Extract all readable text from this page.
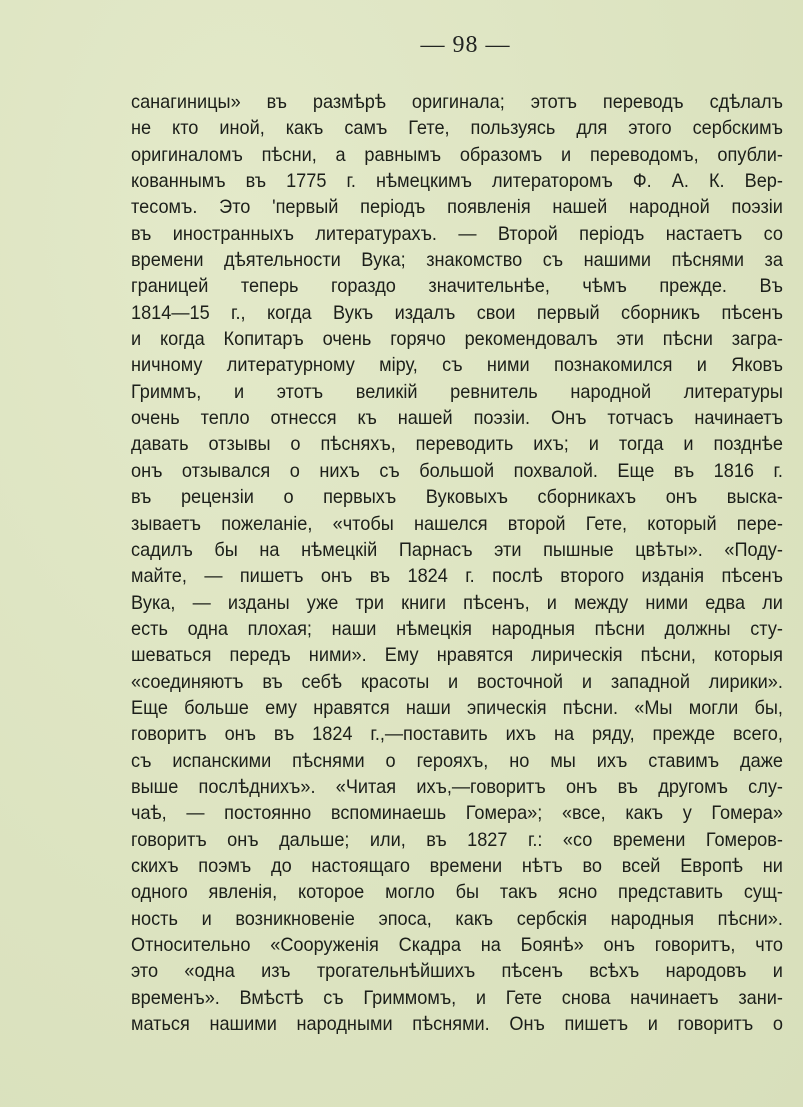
— 98 —
санагиницы» въ размѣрѣ оригинала; этотъ переводъ сдѣлалъ
не кто иной, какъ самъ Гете, пользуясь для этого сербскимъ
оригиналомъ пѣсни, а равнымъ образомъ и переводомъ, опубли-
кованнымъ въ 1775 г. нѣмецкимъ литераторомъ Ф. А. К. Вер-
тесомъ. Это 'первый періодъ появленія нашей народной поэзіи
въ иностранныхъ литературахъ. — Второй періодъ настаетъ со
времени дѣятельности Вука; знакомство съ нашими пѣснями за
границей теперь гораздо значительнѣе, чѣмъ прежде. Въ
1814—15 г., когда Вукъ издалъ свои первый сборникъ пѣсенъ
и когда Копитаръ очень горячо рекомендовалъ эти пѣсни загра-
ничному литературному міру, съ ними познакомился и Яковъ
Гриммъ, и этотъ великій ревнитель народной литературы
очень тепло отнесся къ нашей поэзіи. Онъ тотчасъ начинаетъ
давать отзывы о пѣсняхъ, переводить ихъ; и тогда и позднѣе
онъ отзывался о нихъ съ большой похвалой. Еще въ 1816 г.
въ рецензіи о первыхъ Вуковыхъ сборникахъ онъ выска-
зываетъ пожеланіе, «чтобы нашелся второй Гете, который пере-
садилъ бы на нѣмецкій Парнасъ эти пышные цвѣты». «Поду-
майте, — пишетъ онъ въ 1824 г. послѣ второго изданія пѣсенъ
Вука, — изданы уже три книги пѣсенъ, и между ними едва ли
есть одна плохая; наши нѣмецкія народныя пѣсни должны сту-
шеваться передъ ними». Ему нравятся лирическія пѣсни, которыя
«соединяютъ въ себѣ красоты и восточной и западной лирики».
Еще больше ему нравятся наши эпическія пѣсни. «Мы могли бы,
говоритъ онъ въ 1824 г.,—поставить ихъ на ряду, прежде всего,
съ испанскими пѣснями о герояхъ, но мы ихъ ставимъ даже
выше послѣднихъ». «Читая ихъ,—говоритъ онъ въ другомъ слу-
чаѣ, — постоянно вспоминаешь Гомера»; «все, какъ у Гомера»
говоритъ онъ дальше; или, въ 1827 г.: «со времени Гомеров-
скихъ поэмъ до настоящаго времени нѣтъ во всей Европѣ ни
одного явленія, которое могло бы такъ ясно представить сущ-
ность и возникновеніе эпоса, какъ сербскія народныя пѣсни».
Относительно «Сооруженія Скадра на Боянѣ» онъ говоритъ, что
это «одна изъ трогательнѣйшихъ пѣсенъ всѣхъ народовъ и
временъ». Вмѣстѣ съ Гриммомъ, и Гете снова начинаетъ зани-
маться нашими народными пѣснями. Онъ пишетъ и говоритъ о
